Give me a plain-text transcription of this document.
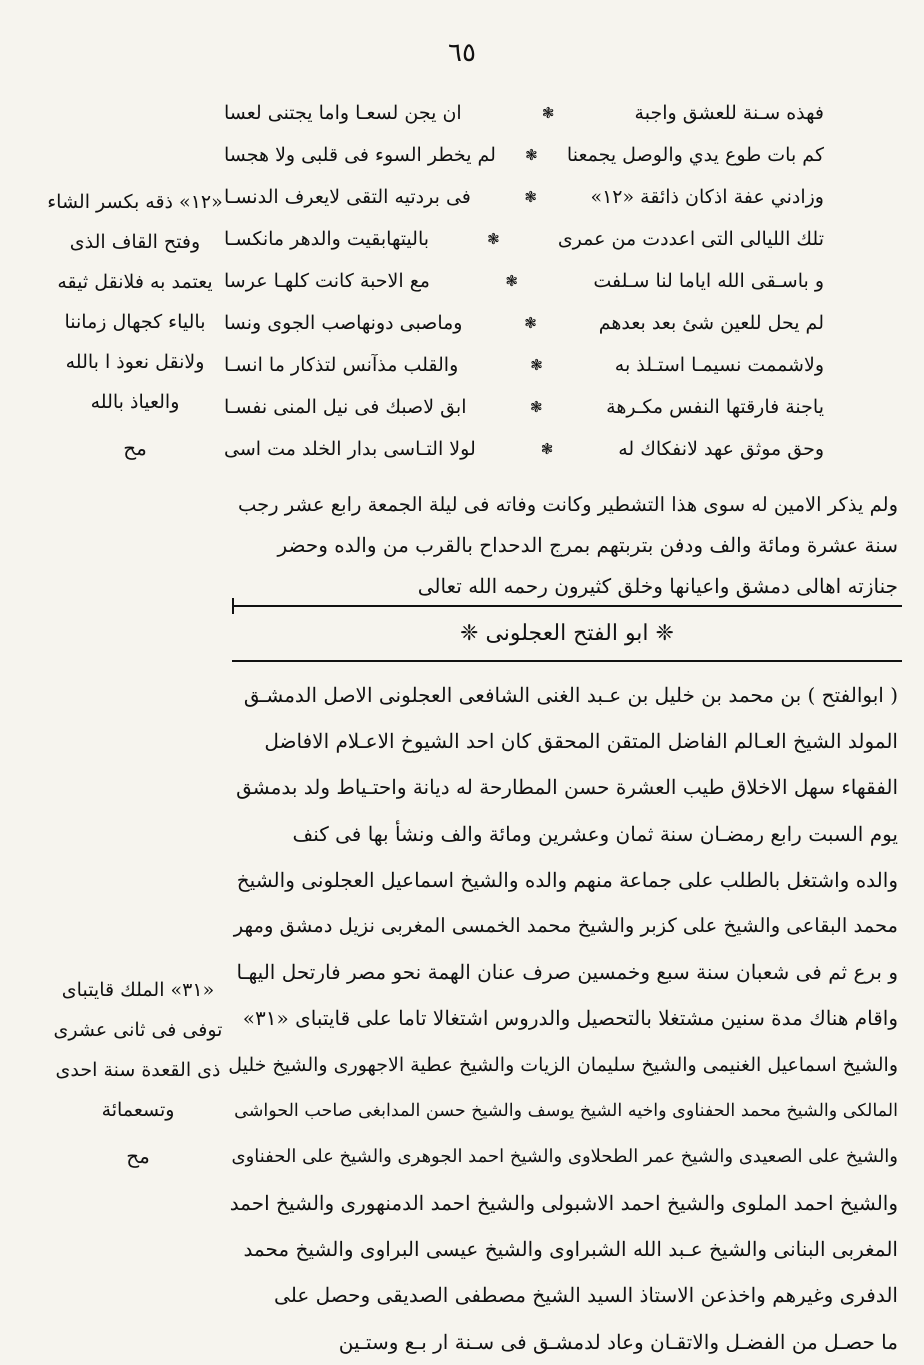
٦٥
فهذه سـنة للعشق واجبة
❃
ان يجن لسعـا واما يجتنى لعسا
كم بات طوع يدي والوصل يجمعنا
❃
لم يخطر السوء فى قلبى ولا هجسا
وزادني عفة اذكان ذائقة «١٢»
❃
فى بردتيه التقى لايعرف الدنسـا
تلك الليالى التى اعددت من عمرى
❃
بالیتهابقیت والدهر مانکسـا
و باسـقى الله اياما لنا سـلفت
❃
مع الاحبة كانت كلهـا عرسا
لم يحل للعين شئ بعد بعدهم
❃
وماصبى دونهاصب الجوى ونسا
ولاشممت نسيمـا استـلذ به
❃
والقلب مذآنس لتذكار ما انسـا
ياجنة فارقتها النفس مكـرهة
❃
ابق لاصبك فى نيل المنى نفسـا
وحق موثق عهد لانفكاك له
❃
لولا التـاسى بدار الخلد مت اسى
ولم يذكر الامين له سوى هذا التشطير وكانت وفاته فى ليلة الجمعة رابع عشر رجب
سنة عشرة ومائة والف ودفن بتربتهم بمرج الدحداح بالقرب من والده وحضر
جنازته اهالى دمشق واعيانها وخلق كثيرون رحمه الله تعالى
❈ ابو الفتح العجلونى ❈
( ابوالفتح ) بن محمد بن خليل بن عـبد الغنى الشافعى العجلونى الاصل الدمشـق
المولد الشيخ العـالم الفاضل المتقن المحقق كان احد الشيوخ الاعـلام الافاضل
الفقهاء سهل الاخلاق طيب العشرة حسن المطارحة له ديانة واحتـياط ولد بدمشق
يوم السبت رابع رمضـان سنة ثمان وعشرين ومائة والف ونشأ بها فى كنف
والده واشتغل بالطلب على جماعة منهم والده والشيخ اسماعيل العجلونى والشيخ
محمد البقاعى والشيخ على كزبر والشيخ محمد الخمسى المغربى نزيل دمشق ومهر
و برع ثم فى شعبان سنة سبع وخمسين صرف عنان الهمة نحو مصر فارتحل اليهـا
واقام هناك مدة سنين مشتغلا بالتحصيل والدروس اشتغالا تاما على قايتباى «٣١»
والشيخ اسماعيل الغنيمى والشيخ سليمان الزيات والشيخ عطية الاجهورى والشيخ خليل
المالكى والشيخ محمد الحفناوى واخيه الشيخ يوسف والشيخ حسن المدابغى صاحب الحواشى
والشيخ على الصعيدى والشيخ عمر الطحلاوى والشيخ احمد الجوهرى والشيخ على الحفناوى
والشيخ احمد الملوى والشيخ احمد الاشبولى والشيخ احمد الدمنهورى والشيخ احمد
المغربى البنانى والشيخ عـبد الله الشبراوى والشيخ عيسى البراوى والشيخ محمد
الدفرى وغيرهم واخذعن الاستاذ السيد الشيخ مصطفى الصديقى وحصل على
ما حصـل من الفضـل والاتقـان وعاد لدمشـق فى سـنة ار بـع وستـين
«١٢» ذقه بكسر الشاء
وفتح القاف الذى
يعتمد به فلانقل ثيقه
بالياء كجهال زماننا
ولانقل نعوذ ا بالله
والعياذ بالله
مح
«٣١» الملك قايتباى
توفى فى ثانى عشرى
ذى القعدة سنة احدى
وتسعمائة
مح
